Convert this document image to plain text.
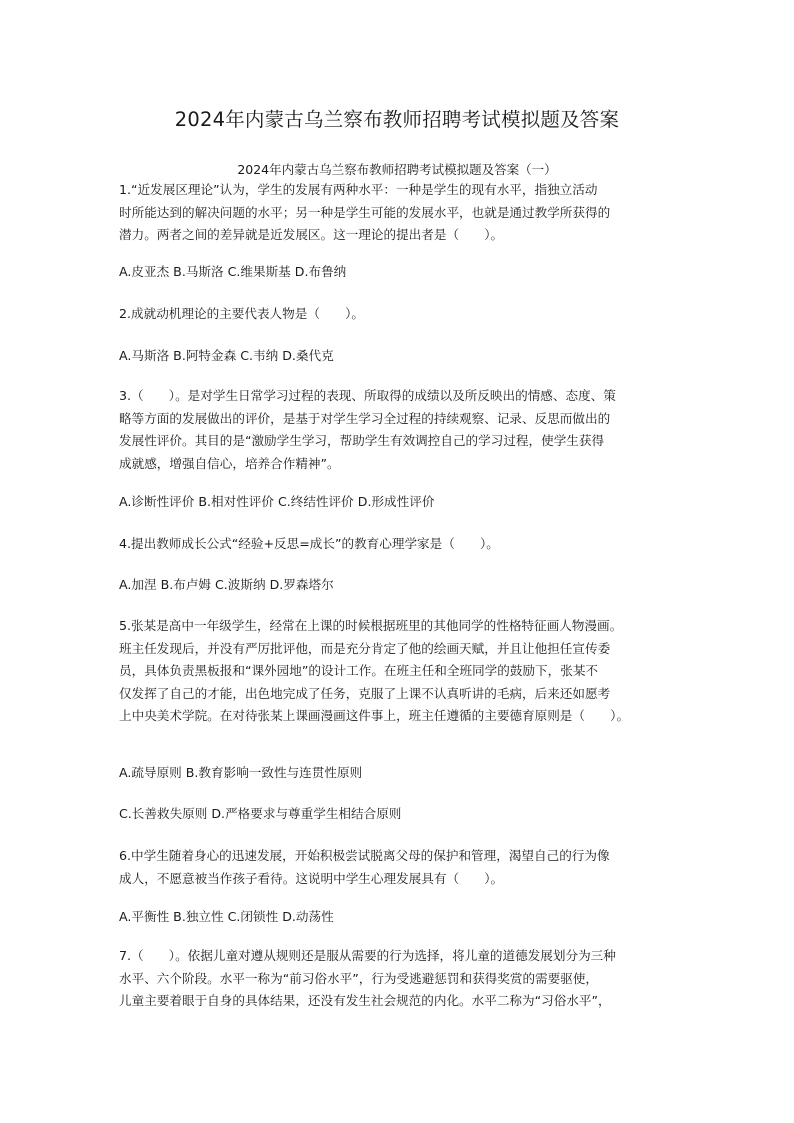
2024年内蒙古乌兰察布教师招聘考试模拟题及答案
2024年内蒙古乌兰察布教师招聘考试模拟题及答案（一）
1.“近发展区理论”认为，学生的发展有两种水平：一种是学生的现有水平，指独立活动
时所能达到的解决问题的水平；另一种是学生可能的发展水平，也就是通过教学所获得的
潜力。两者之间的差异就是近发展区。这一理论的提出者是（　　）。
A.皮亚杰 B.马斯洛 C.维果斯基 D.布鲁纳
2.成就动机理论的主要代表人物是（　　）。
A.马斯洛 B.阿特金森 C.韦纳 D.桑代克
3.（　　）。是对学生日常学习过程的表现、所取得的成绩以及所反映出的情感、态度、策
略等方面的发展做出的评价，是基于对学生学习全过程的持续观察、记录、反思而做出的
发展性评价。其目的是“激励学生学习，帮助学生有效调控自己的学习过程，使学生获得
成就感，增强自信心，培养合作精神”。
A.诊断性评价 B.相对性评价 C.终结性评价 D.形成性评价
4.提出教师成长公式“经验+反思=成长”的教育心理学家是（　　）。
A.加涅 B.布卢姆 C.波斯纳 D.罗森塔尔
5.张某是高中一年级学生，经常在上课的时候根据班里的其他同学的性格特征画人物漫画。
班主任发现后，并没有严厉批评他，而是充分肯定了他的绘画天赋，并且让他担任宣传委
员，具体负责黑板报和“课外园地”的设计工作。在班主任和全班同学的鼓励下，张某不
仅发挥了自己的才能，出色地完成了任务，克服了上课不认真听讲的毛病，后来还如愿考
上中央美术学院。在对待张某上课画漫画这件事上，班主任遵循的主要德育原则是（　　）。
A.疏导原则 B.教育影响一致性与连贯性原则
C.长善救失原则 D.严格要求与尊重学生相结合原则
6.中学生随着身心的迅速发展，开始积极尝试脱离父母的保护和管理，渴望自己的行为像
成人，不愿意被当作孩子看待。这说明中学生心理发展具有（　　）。
A.平衡性 B.独立性 C.闭锁性 D.动荡性
7.（　　）。依据儿童对遵从规则还是服从需要的行为选择，将儿童的道德发展划分为三种
水平、六个阶段。水平一称为“前习俗水平”，行为受逃避惩罚和获得奖赏的需要驱使，
儿童主要着眼于自身的具体结果，还没有发生社会规范的内化。水平二称为“习俗水平”，
